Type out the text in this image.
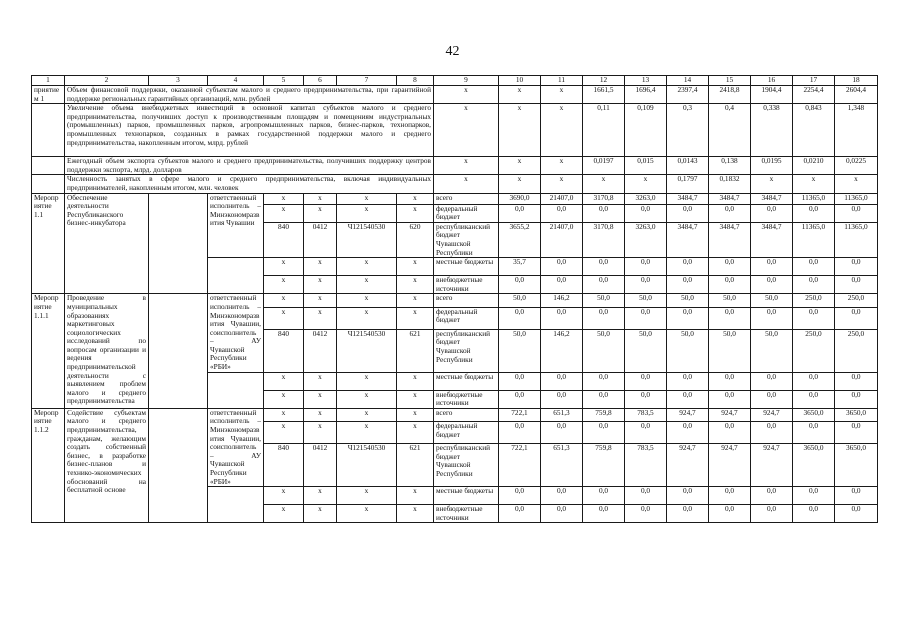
42
1	2	3	4	5	6	7	8	9	10	11	12	13	14	15	16	17	18
приятием 1	Объем финансовой поддержки, оказанной субъектам малого и среднего предпринимательства, при гарантийной поддержке региональных гарантийных организаций, млн. рублей							x	x	x	1661,5	1696,4	2397,4	2418,8	1904,4	2254,4	2604,4
	Увеличение объема внебюджетных инвестиций в основной капитал субъектов малого и среднего предпринимательства, получивших доступ к производственным площадям и помещениям индустриальных (промышленных) парков, промышленных парков, агропромышленных парков, бизнес-парков, технопарков, промышленных технопарков, созданных в рамках государственной поддержки малого и среднего предпринимательства, накопленным итогом, млрд. рублей							x	x	x	0,11	0,109	0,3	0,4	0,338	0,843	1,348
	Ежегодный объем экспорта субъектов малого и среднего предпринимательства, получивших поддержку центров поддержки экспорта, млрд. долларов							x	x	x	0,0197	0,015	0,0143	0,138	0,0195	0,0210	0,0225
	Численность занятых в сфере малого и среднего предпринимательства, включая индивидуальных предпринимателей, накопленным итогом, млн. человек							x	x	x	x	x	0,1797	0,1832	x	x	x
Мероприятие 1.1	Обеспечение деятельности Республиканского бизнес-инкубатора		ответственный исполнитель – Минэкономразвития Чувашии	x	x	x	x	всего	3690,0	21407,0	3170,8	3263,0	3484,7	3484,7	3484,7	11365,0	11365,0
				x	x	x	x	федеральный бюджет	0,0	0,0	0,0	0,0	0,0	0,0	0,0	0,0	0,0
				840	0412	Ч121540530	620	республиканский бюджет Чувашской Республики	3655,2	21407,0	3170,8	3263,0	3484,7	3484,7	3484,7	11365,0	11365,0
				x	x	x	x	местные бюджеты	35,7	0,0	0,0	0,0	0,0	0,0	0,0	0,0	0,0
				x	x	x	x	внебюджетные источники	0,0	0,0	0,0	0,0	0,0	0,0	0,0	0,0	0,0
Мероприятие 1.1.1	Проведение в муниципальных образованиях маркетинговых социологических исследований по вопросам организации и ведения предпринимательской деятельности с выявлением проблем малого и среднего предпринимательства		ответственный исполнитель – Минэкономразвития Чувашии, соисполнитель – АУ Чувашской Республики «РБИ»	x	x	x	x	всего	50,0	146,2	50,0	50,0	50,0	50,0	50,0	250,0	250,0
				x	x	x	x	федеральный бюджет	0,0	0,0	0,0	0,0	0,0	0,0	0,0	0,0	0,0
				840	0412	Ч121540530	621	республиканский бюджет Чувашской Республики	50,0	146,2	50,0	50,0	50,0	50,0	50,0	250,0	250,0
				x	x	x	x	местные бюджеты	0,0	0,0	0,0	0,0	0,0	0,0	0,0	0,0	0,0
				x	x	x	x	внебюджетные источники	0,0	0,0	0,0	0,0	0,0	0,0	0,0	0,0	0,0
Мероприятие 1.1.2	Содействие субъектам малого и среднего предпринимательства, гражданам, желающим создать собственный бизнес, в разработке бизнес-планов и технико-экономических обоснований на бесплатной основе		ответственный исполнитель – Минэкономразвития Чувашии, соисполнитель – АУ Чувашской Республики «РБИ»	x	x	x	x	всего	722,1	651,3	759,8	783,5	924,7	924,7	924,7	3650,0	3650,0
				x	x	x	x	федеральный бюджет	0,0	0,0	0,0	0,0	0,0	0,0	0,0	0,0	0,0
				840	0412	Ч121540530	621	республиканский бюджет Чувашской Республики	722,1	651,3	759,8	783,5	924,7	924,7	924,7	3650,0	3650,0
				x	x	x	x	местные бюджеты	0,0	0,0	0,0	0,0	0,0	0,0	0,0	0,0	0,0
				x	x	x	x	внебюджетные источники	0,0	0,0	0,0	0,0	0,0	0,0	0,0	0,0	0,0
